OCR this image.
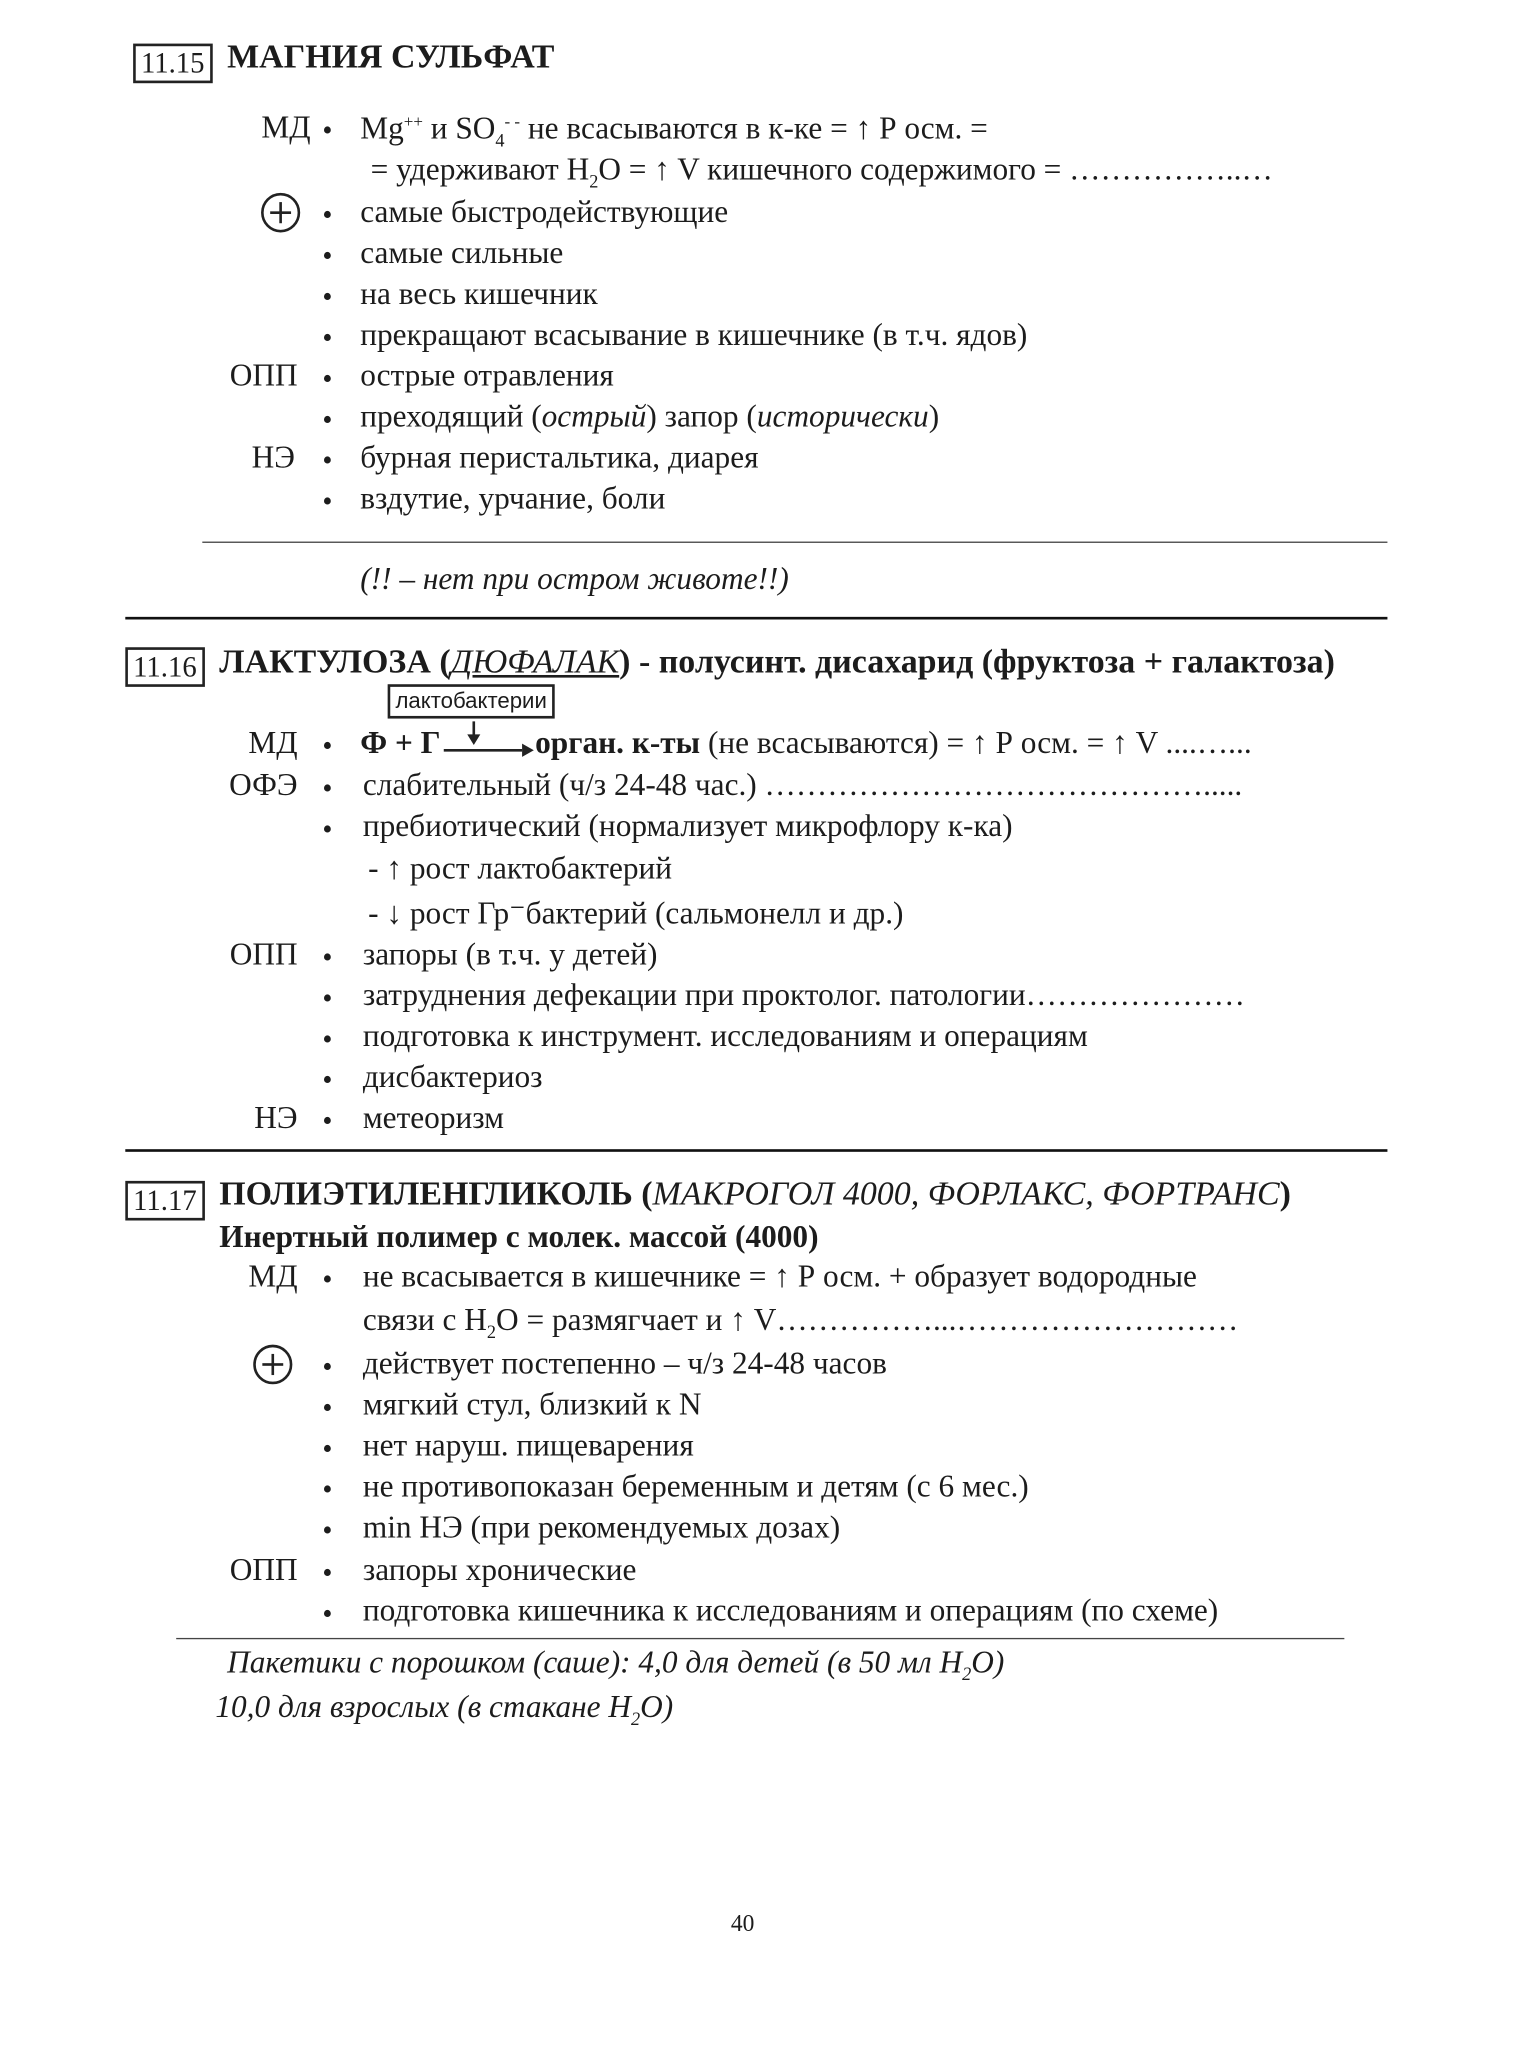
11.15 МАГНИЯ СУЛЬФАТ
МД • Mg++ и $SO_4^{- -}$ не всасываются в к-ке = ↑ Р осм. =
= удерживают $H_2O$ = ↑ V кишечного содержимого = ……………..…
• самые быстродействующие
• самые сильные
• на весь кишечник
• прекращают всасывание в кишечнике (в т.ч. ядов)
ОПП • острые отравления
• преходящий (острый) запор (исторически)
НЭ • бурная перистальтика, диарея
• вздутие, урчание, боли
(!! – нет при остром животе!!)
11.16 ЛАКТУЛОЗА (ДЮФАЛАК) - полусинт. дисахарид (фруктоза + галактоза)
лактобактерии
МД • Ф + Г	орган. к-ты (не всасываются) = ↑ Р осм. = ↑ V ....…...
ОФЭ • слабительный (ч/з 24-48 час.) …………………………………….....
• пребиотический (нормализует микрофлору к-ка)
- ↑ рост лактобактерий
- ↓ рост Гр⁻бактерий (сальмонелл и др.)
ОПП • запоры (в т.ч. у детей)
• затруднения дефекации при проктолог. патологии…………………
• подготовка к инструмент. исследованиям и операциям
• дисбактериоз
НЭ • метеоризм
11.17 ПОЛИЭТИЛЕНГЛИКОЛЬ (МАКРОГОЛ 4000, ФОРЛАКС, ФОРТРАНС)
Инертный полимер с молек. массой (4000)
МД • не всасывается в кишечнике = ↑ Р осм. + образует водородные
связи с $H_2O$ = размягчает и ↑ V……………...………………………
• действует постепенно – ч/з 24-48 часов
• мягкий стул, близкий к N
• нет наруш. пищеварения
• не противопоказан беременным и детям (с 6 мес.)
• min НЭ (при рекомендуемых дозах)
ОПП • запоры хронические
• подготовка кишечника к исследованиям и операциям (по схеме)
Пакетики с порошком (саше): 4,0 для детей (в 50 мл $H_2O$)
10,0 для взрослых (в стакане $H_2O$)
40
